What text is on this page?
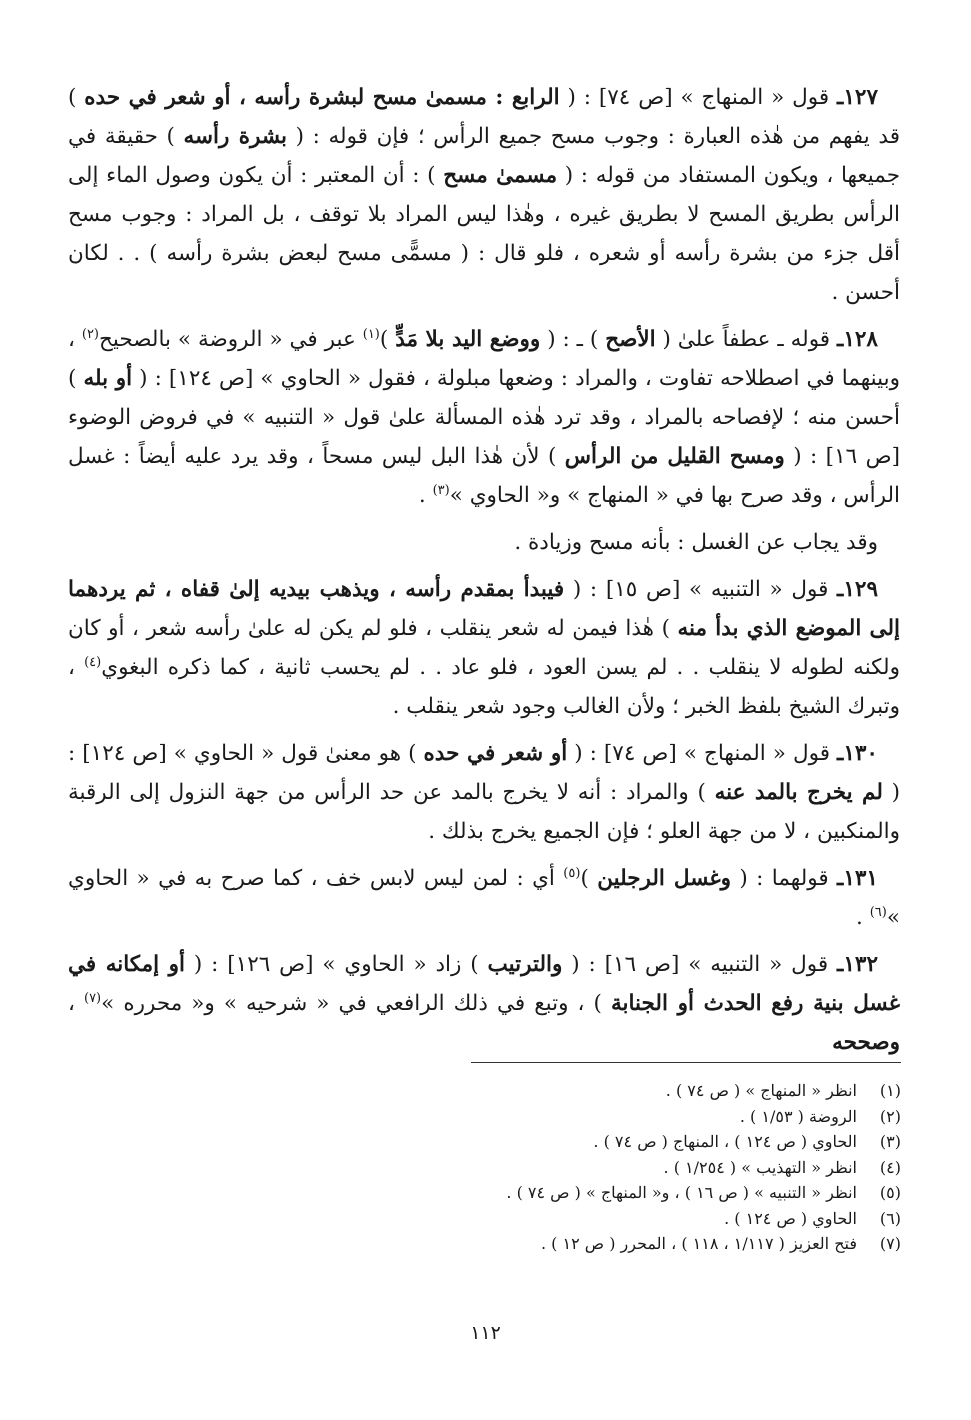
١٢٧ـ قول « المنهاج » [ص ٧٤] : ( الرابع : مسمىٰ مسح لبشرة رأسه ، أو شعر في حده ) قد يفهم من هٰذه العبارة : وجوب مسح جميع الرأس ؛ فإن قوله : ( بشرة رأسه ) حقيقة في جميعها ، ويكون المستفاد من قوله : ( مسمىٰ مسح ) : أن المعتبر : أن يكون وصول الماء إلى الرأس بطريق المسح لا بطريق غيره ، وهٰذا ليس المراد بلا توقف ، بل المراد : وجوب مسح أقل جزء من بشرة رأسه أو شعره ، فلو قال : ( مسمًّى مسح لبعض بشرة رأسه ) . . لكان أحسن .

١٢٨ـ قوله ـ عطفاً علىٰ ( الأصح ) ـ : ( ووضع اليد بلا مَدٍّ )$^{(١)}$ عبر في « الروضة » بالصحيح$^{(٢)}$ ، وبينهما في اصطلاحه تفاوت ، والمراد : وضعها مبلولة ، فقول « الحاوي » [ص ١٢٤] : ( أو بله ) أحسن منه ؛ لإفصاحه بالمراد ، وقد ترد هٰذه المسألة علىٰ قول « التنبيه » في فروض الوضوء [ص ١٦] : ( ومسح القليل من الرأس ) لأن هٰذا البل ليس مسحاً ، وقد يرد عليه أيضاً : غسل الرأس ، وقد صرح بها في « المنهاج » و« الحاوي »$^{(٣)}$ .

وقد يجاب عن الغسل : بأنه مسح وزيادة .

١٢٩ـ قول « التنبيه » [ص ١٥] : ( فيبدأ بمقدم رأسه ، ويذهب بيديه إلىٰ قفاه ، ثم يردهما إلى الموضع الذي بدأ منه ) هٰذا فيمن له شعر ينقلب ، فلو لم يكن له علىٰ رأسه شعر ، أو كان ولكنه لطوله لا ينقلب . . لم يسن العود ، فلو عاد . . لم يحسب ثانية ، كما ذكره البغوي$^{(٤)}$ ، وتبرك الشيخ بلفظ الخبر ؛ ولأن الغالب وجود شعر ينقلب .

١٣٠ـ قول « المنهاج » [ص ٧٤] : ( أو شعر في حده ) هو معنىٰ قول « الحاوي » [ص ١٢٤] : ( لم يخرج بالمد عنه ) والمراد : أنه لا يخرج بالمد عن حد الرأس من جهة النزول إلى الرقبة والمنكبين ، لا من جهة العلو ؛ فإن الجميع يخرج بذلك .

١٣١ـ قولهما : ( وغسل الرجلين )$^{(٥)}$ أي : لمن ليس لابس خف ، كما صرح به في « الحاوي »$^{(٦)}$ .

١٣٢ـ قول « التنبيه » [ص ١٦] : ( والترتيب ) زاد « الحاوي » [ص ١٢٦] : ( أو إمكانه في غسل بنية رفع الحدث أو الجنابة ) ، وتبع في ذلك الرافعي في « شرحيه » و« محرره »$^{(٧)}$ ، وصححه

(١)
انظر « المنهاج » ( ص ٧٤ ) .
(٢)
الروضة ( ١/٥٣ ) .
(٣)
الحاوي ( ص ١٢٤ ) ، المنهاج ( ص ٧٤ ) .
(٤)
انظر « التهذيب » ( ١/٢٥٤ ) .
(٥)
انظر « التنبيه » ( ص ١٦ ) ، و« المنهاج » ( ص ٧٤ ) .
(٦)
الحاوي ( ص ١٢٤ ) .
(٧)
فتح العزيز ( ١/١١٧ ، ١١٨ ) ، المحرر ( ص ١٢ ) .
١١٢
